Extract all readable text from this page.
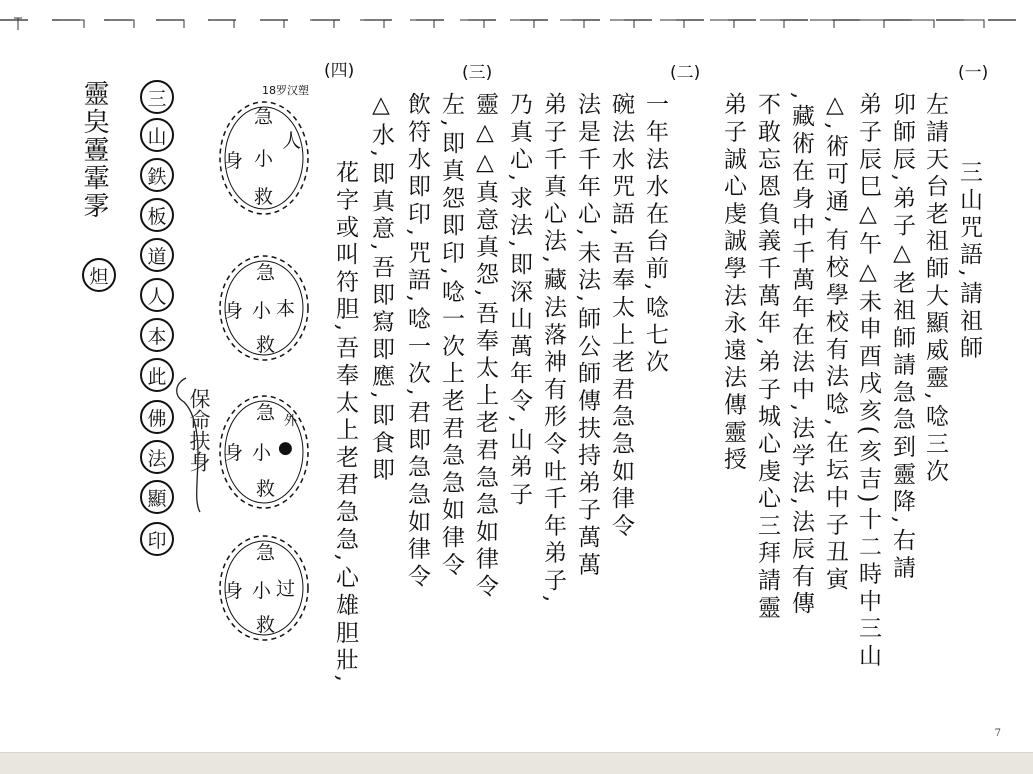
(一)
(二)
(三)
(四)
三山咒語,請祖師
左請天台老祖師大顯威靈,唸三次
卯師辰,弟子△老祖師請急急到靈降,右請
弟子辰巳△午△未申酉戌亥(亥吉)十二時中三山
△,術可通,有校學校有法唸,在坛中子丑寅
,藏術在身中千萬年在法中,法学法,法辰有傳
不敢忘恩負義千萬年,弟子城心虔心三拜請靈
弟子誠心虔誠學法永遠法傳靈授
一年法水在台前,唸七次
碗法水咒語,吾奉太上老君急急如律令
法是千年心,未法,師公師傳扶持弟子萬萬
弟子千真心法,藏法落神有形令吐千年弟子,
乃真心,求法,即深山萬年令,山弟子
靈△△真意真怨,吾奉太上老君急急如律令
左,即真怨即印,唸一次上老君急急如律令
飲符水即印,咒語,唸一次,君即急急如律令
△水,即真意,吾即寫即應,即食即
花字或叫符胆,吾奉太上老君急急,心雄胆壯,
三
山
鉄
板
道
人
本
此
佛
法
顯
印
靈㚖霻䨣雺
炟
18罗汉塑
保命扶身
急
身 小
人
救
急
身 小 本
救
急
身 小 ●
救
外
急
身 小 过
救
7
